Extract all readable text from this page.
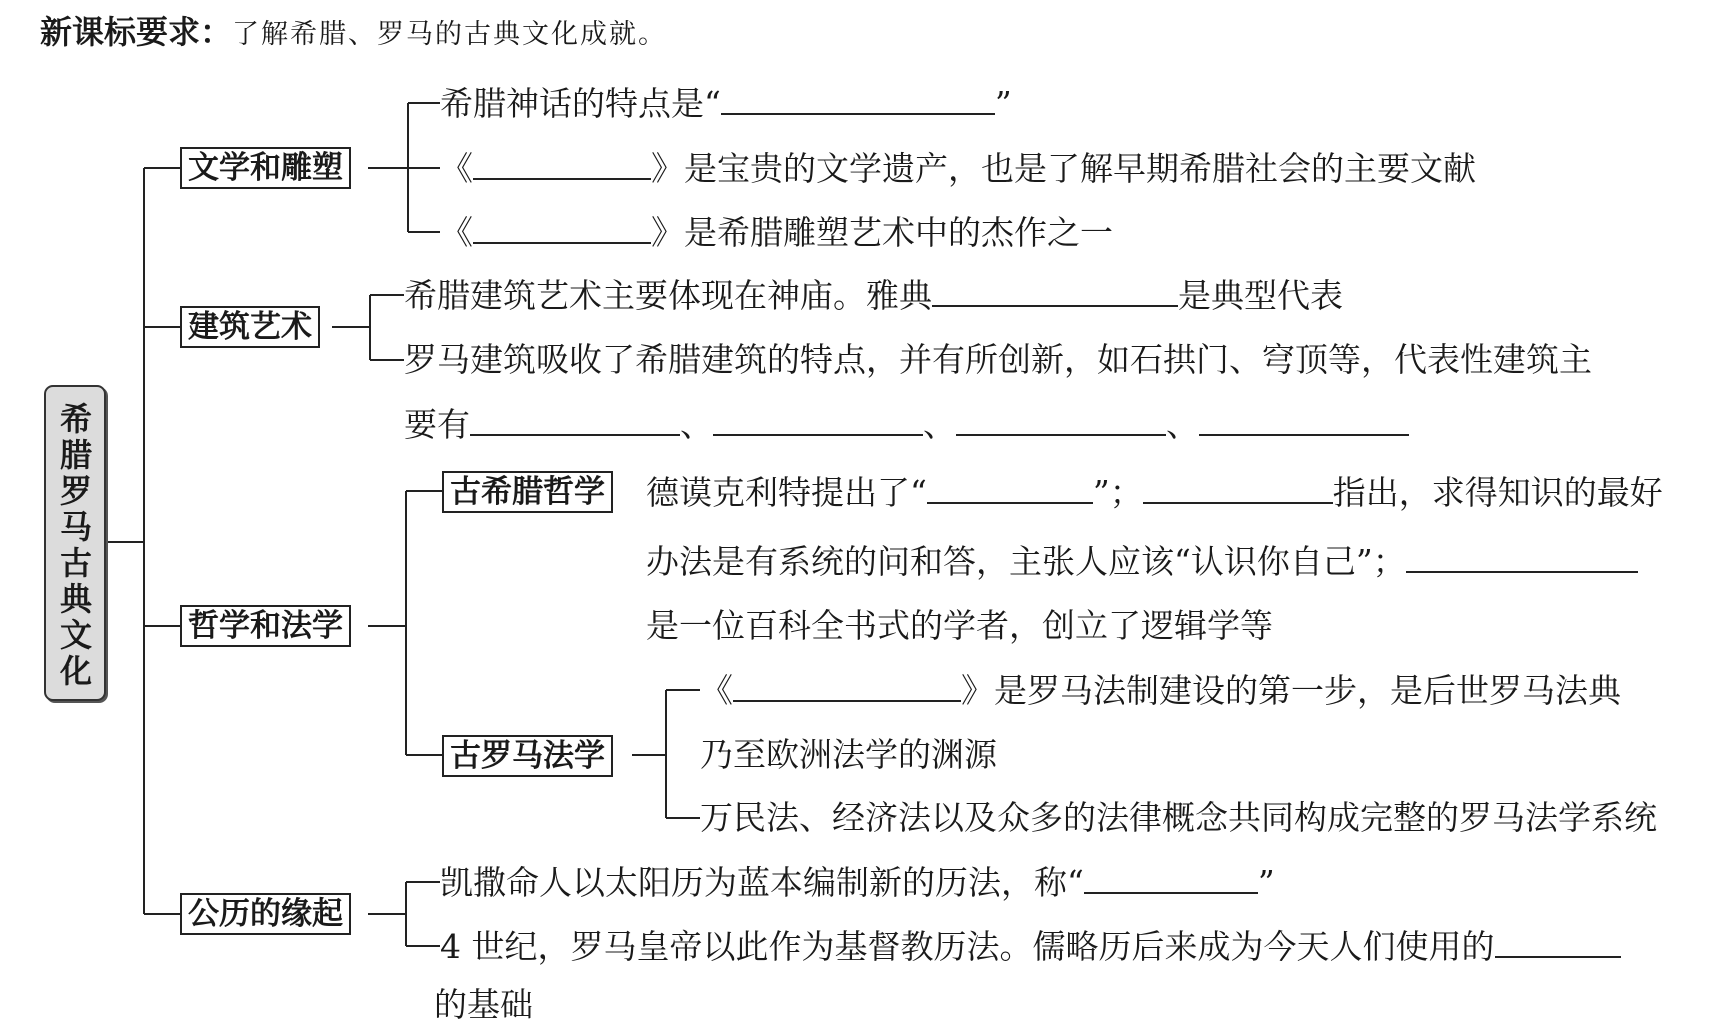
新课标要求：了解希腊、罗马的古典文化成就。
希腊罗马古典文化
文学和雕塑
希腊神话的特点是“	”
《	》是宝贵的文学遗产，也是了解早期希腊社会的主要文献
《	》是希腊雕塑艺术中的杰作之一
建筑艺术
希腊建筑艺术主要体现在神庙。雅典	是典型代表
罗马建筑吸收了希腊建筑的特点，并有所创新，如石拱门、穹顶等，代表性建筑主
要有	、	、	、
哲学和法学
古希腊哲学 德谟克利特提出了“	”；	指出，求得知识的最好
办法是有系统的问和答，主张人应该“认识你自己”；
是一位百科全书式的学者，创立了逻辑学等
古罗马法学
《	》是罗马法制建设的第一步，是后世罗马法典
乃至欧洲法学的渊源
万民法、经济法以及众多的法律概念共同构成完整的罗马法学系统
公历的缘起
凯撒命人以太阳历为蓝本编制新的历法，称“	”
4 世纪，罗马皇帝以此作为基督教历法。儒略历后来成为今天人们使用的
的基础
